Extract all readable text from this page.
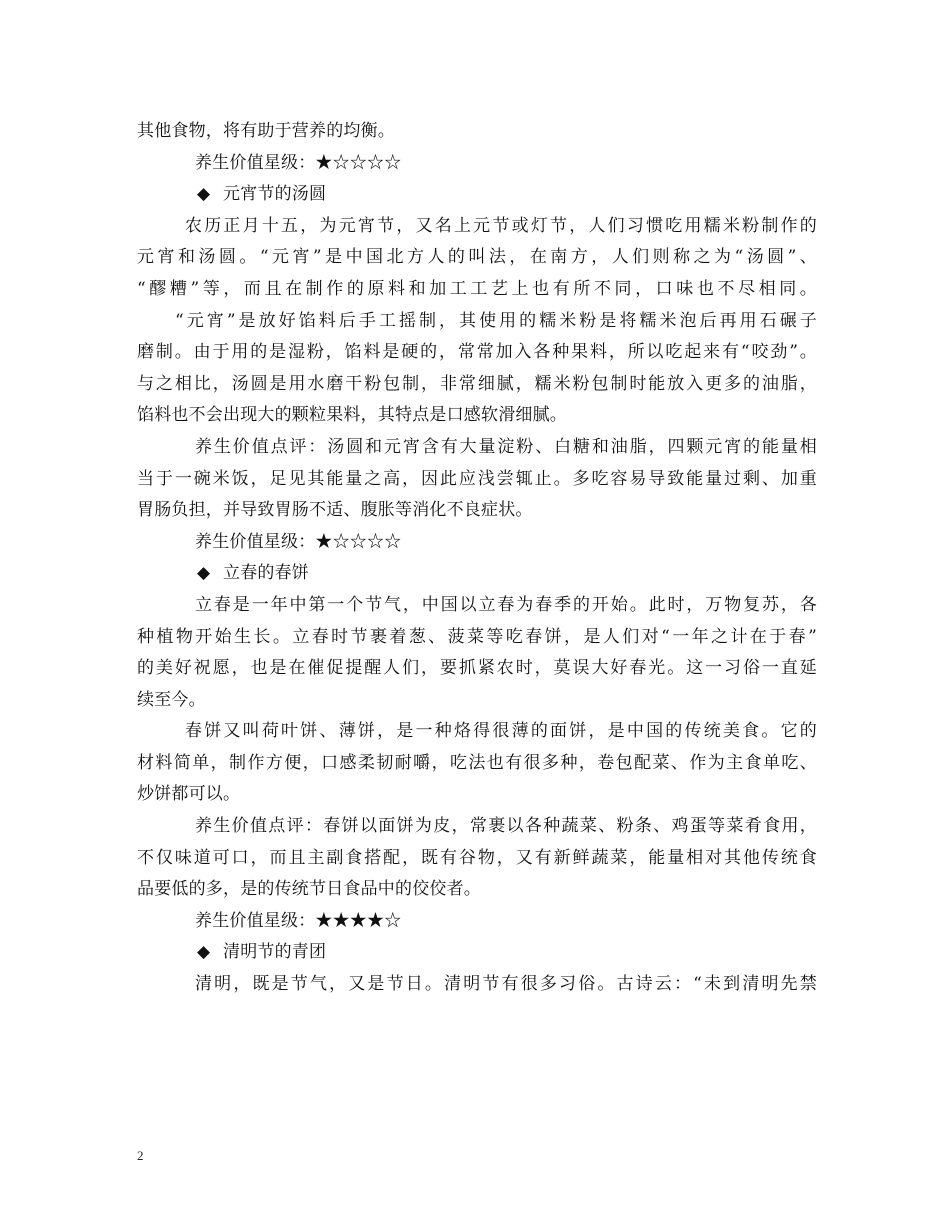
其他食物，将有助于营养的均衡。
养生价值星级：★☆☆☆☆
◆ 元宵节的汤圆
农历正月十五，为元宵节，又名上元节或灯节，人们习惯吃用糯米粉制作的
元宵和汤圆。“元宵”是中国北方人的叫法，在南方，人们则称之为“汤圆”、
“醪糟”等，而且在制作的原料和加工工艺上也有所不同，口味也不尽相同。
“元宵”是放好馅料后手工摇制，其使用的糯米粉是将糯米泡后再用石碾子
磨制。由于用的是湿粉，馅料是硬的，常常加入各种果料，所以吃起来有“咬劲”。
与之相比，汤圆是用水磨干粉包制，非常细腻，糯米粉包制时能放入更多的油脂，
馅料也不会出现大的颗粒果料，其特点是口感软滑细腻。
养生价值点评：汤圆和元宵含有大量淀粉、白糖和油脂，四颗元宵的能量相
当于一碗米饭，足见其能量之高，因此应浅尝辄止。多吃容易导致能量过剩、加重
胃肠负担，并导致胃肠不适、腹胀等消化不良症状。
养生价值星级：★☆☆☆☆
◆ 立春的春饼
立春是一年中第一个节气，中国以立春为春季的开始。此时，万物复苏，各
种植物开始生长。立春时节裹着葱、菠菜等吃春饼，是人们对“一年之计在于春”
的美好祝愿，也是在催促提醒人们，要抓紧农时，莫误大好春光。这一习俗一直延
续至今。
春饼又叫荷叶饼、薄饼，是一种烙得很薄的面饼，是中国的传统美食。它的
材料简单，制作方便，口感柔韧耐嚼，吃法也有很多种，卷包配菜、作为主食单吃、
炒饼都可以。
养生价值点评：春饼以面饼为皮，常裹以各种蔬菜、粉条、鸡蛋等菜肴食用，
不仅味道可口，而且主副食搭配，既有谷物，又有新鲜蔬菜，能量相对其他传统食
品要低的多，是的传统节日食品中的佼佼者。
养生价值星级：★★★★☆
◆ 清明节的青团
清明，既是节气，又是节日。清明节有很多习俗。古诗云：“未到清明先禁
2
